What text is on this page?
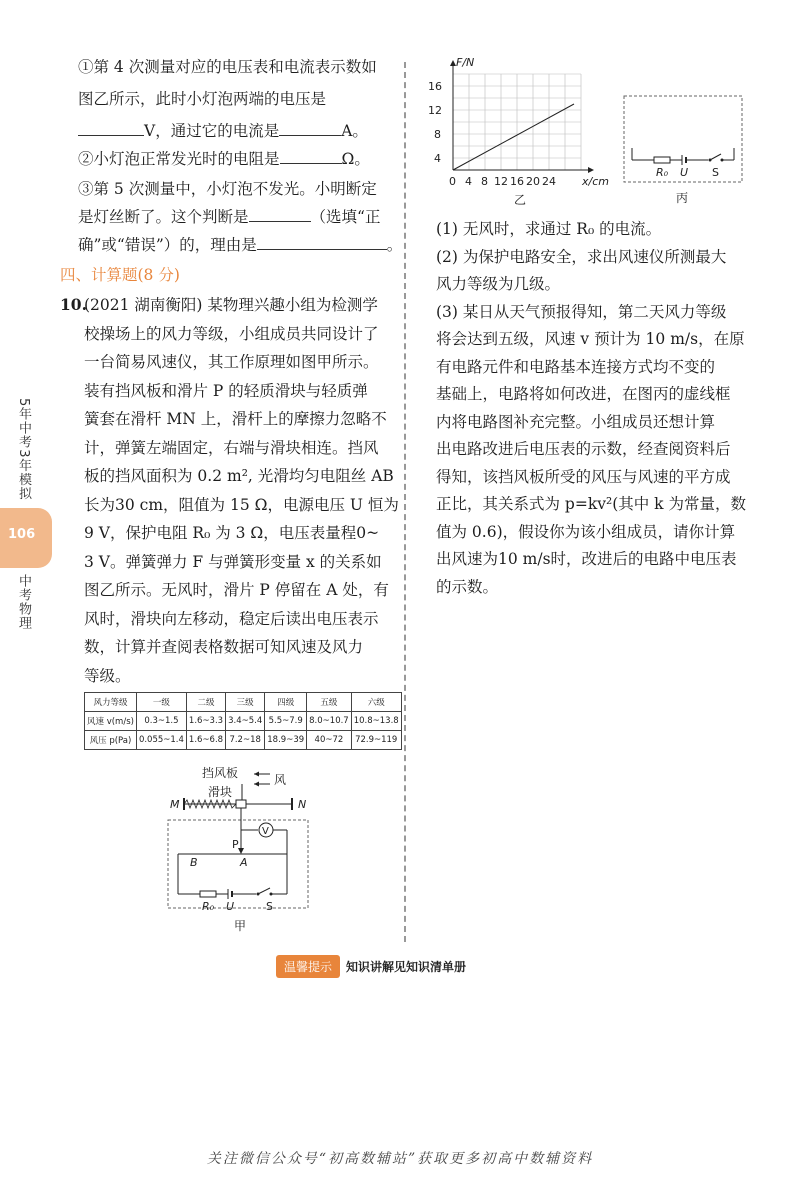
5年中考3年模拟
106
中考物理
①第 4 次测量对应的电压表和电流表示数如
图乙所示，此时小灯泡两端的电压是
V，通过它的电流是	A。
②小灯泡正常发光时的电阻是	Ω。
③第 5 次测量中，小灯泡不发光。小明断定
是灯丝断了。这个判断是	（选填“正
确”或“错误”）的，理由是	。
四、计算题(8 分)
10.
(2021 湖南衡阳) 某物理兴趣小组为检测学
校操场上的风力等级，小组成员共同设计了
一台简易风速仪，其工作原理如图甲所示。
装有挡风板和滑片 P 的轻质滑块与轻质弹
簧套在滑杆 MN 上，滑杆上的摩擦力忽略不
计，弹簧左端固定，右端与滑块相连。挡风
板的挡风面积为 0.2 m², 光滑均匀电阻丝 AB
长为30 cm，阻值为 15 Ω，电源电压 U 恒为
9 V，保护电阻 R₀ 为 3 Ω，电压表量程0~
3 V。弹簧弹力 F 与弹簧形变量 x 的关系如
图乙所示。无风时，滑片 P 停留在 A 处，有
风时，滑块向左移动，稳定后读出电压表示
数，计算并查阅表格数据可知风速及风力
等级。
风力等级	一级	二级	三级	四级	五级	六级
风速 v(m/s)	0.3~1.5	1.6~3.3	3.4~5.4	5.5~7.9	8.0~10.7	10.8~13.8
风压 p(Pa)	0.055~1.4	1.6~6.8	7.2~18	18.9~39	40~72	72.9~119
挡风板	风
滑块
M	N
V
P
B	A
R₀ U	S
甲
F/N
x/cm
4
8
12
16
0 4 8 12 16 20 24
乙
R₀ U S
丙
(1) 无风时，求通过 R₀ 的电流。
(2) 为保护电路安全，求出风速仪所测最大
风力等级为几级。
(3) 某日从天气预报得知，第二天风力等级
将会达到五级，风速 v 预计为 10 m/s，在原
有电路元件和电路基本连接方式均不变的
基础上，电路将如何改进，在图丙的虚线框
内将电路图补充完整。小组成员还想计算
出电路改进后电压表的示数，经查阅资料后
得知，该挡风板所受的风压与风速的平方成
正比，其关系式为 p=kv²(其中 k 为常量，数
值为 0.6)，假设你为该小组成员，请你计算
出风速为10 m/s时，改进后的电路中电压表
的示数。
温馨提示 知识讲解见知识清单册
关注微信公众号“初高数辅站”获取更多初高中数辅资料
